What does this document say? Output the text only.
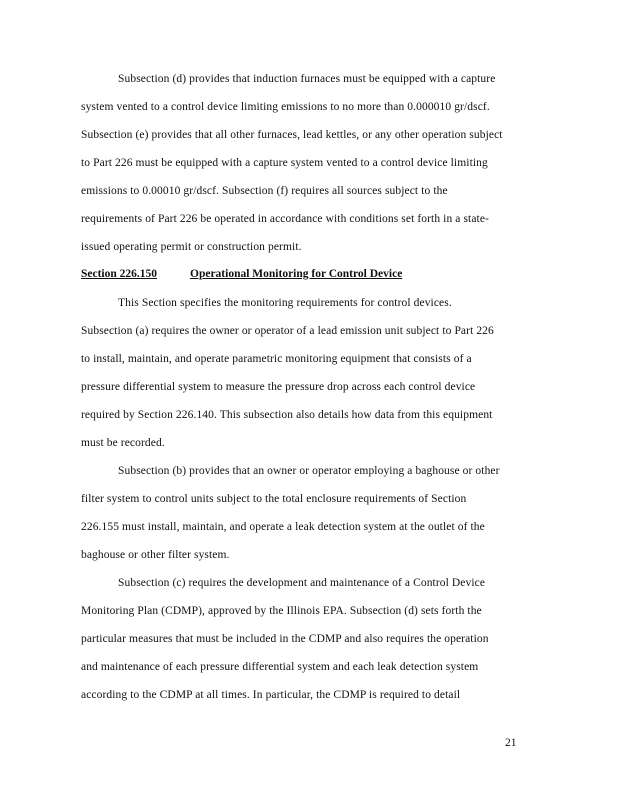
Subsection (d) provides that induction furnaces must be equipped with a capture
system vented to a control device limiting emissions to no more than 0.000010 gr/dscf.
Subsection (e) provides that all other furnaces, lead kettles, or any other operation subject
to Part 226 must be equipped with a capture system vented to a control device limiting
emissions to 0.00010 gr/dscf. Subsection (f) requires all sources subject to the
requirements of Part 226 be operated in accordance with conditions set forth in a state-
issued operating permit or construction permit.
Section 226.150	Operational Monitoring for Control Device
This Section specifies the monitoring requirements for control devices.
Subsection (a) requires the owner or operator of a lead emission unit subject to Part 226
to install, maintain, and operate parametric monitoring equipment that consists of a
pressure differential system to measure the pressure drop across each control device
required by Section 226.140. This subsection also details how data from this equipment
must be recorded.
Subsection (b) provides that an owner or operator employing a baghouse or other
filter system to control units subject to the total enclosure requirements of Section
226.155 must install, maintain, and operate a leak detection system at the outlet of the
baghouse or other filter system.
Subsection (c) requires the development and maintenance of a Control Device
Monitoring Plan (CDMP), approved by the Illinois EPA. Subsection (d) sets forth the
particular measures that must be included in the CDMP and also requires the operation
and maintenance of each pressure differential system and each leak detection system
according to the CDMP at all times. In particular, the CDMP is required to detail
21
